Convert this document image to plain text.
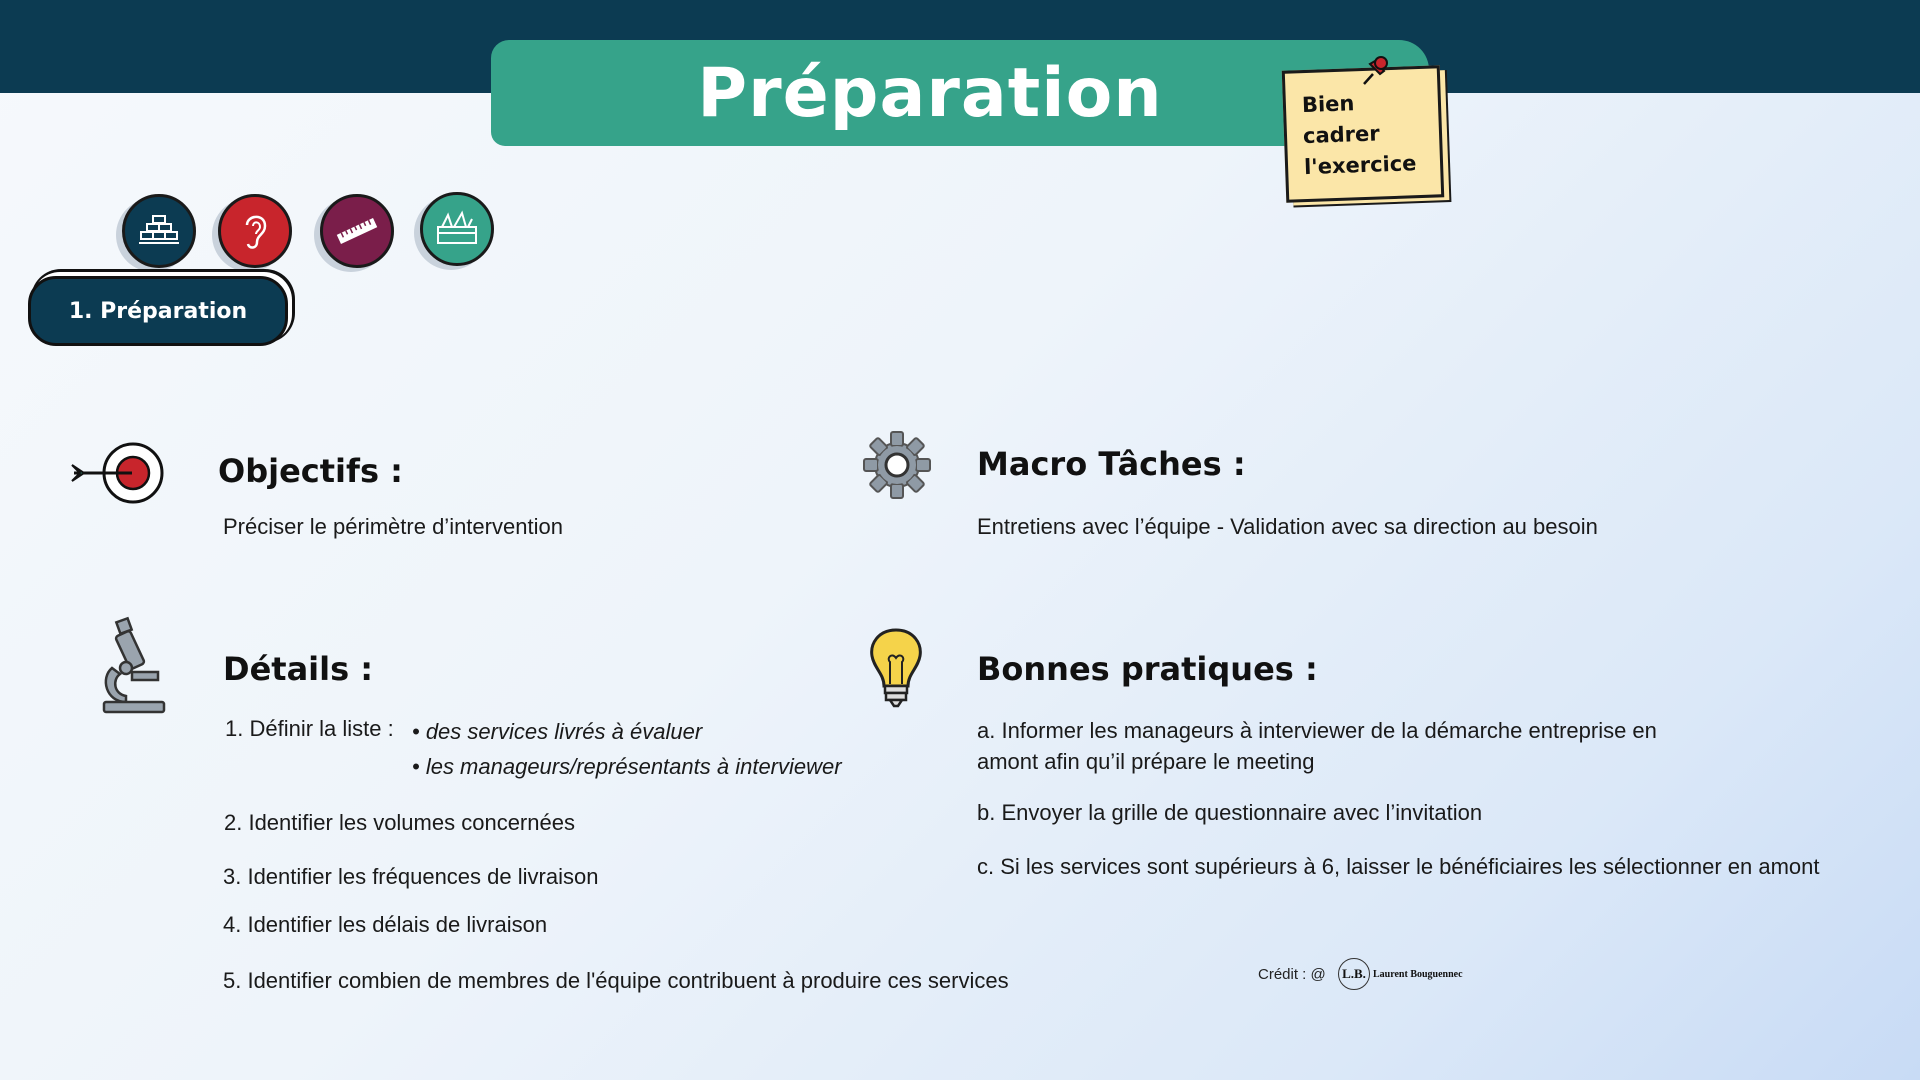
Préparation	Bien cadrer
l'exercice
1. Préparation
Objectifs :
Préciser le périmètre d’intervention
Macro Tâches :
Entretiens avec l’équipe - Validation avec sa direction au besoin
Détails :
1. Définir la liste : • des services livrés à évaluer
• les manageurs/représentants à interviewer
2. Identifier les volumes concernées
3. Identifier les fréquences de livraison
4. Identifier les délais de livraison
5. Identifier combien de membres de l'équipe contribuent à produire ces services
Bonnes pratiques :
a. Informer les manageurs à interviewer de la démarche entreprise en
amont afin qu’il prépare le meeting
b. Envoyer la grille de questionnaire avec l’invitation
c. Si les services sont supérieurs à 6, laisser le bénéficiaires les sélectionner en amont
Crédit : @	L.B. Laurent Bouguennec
